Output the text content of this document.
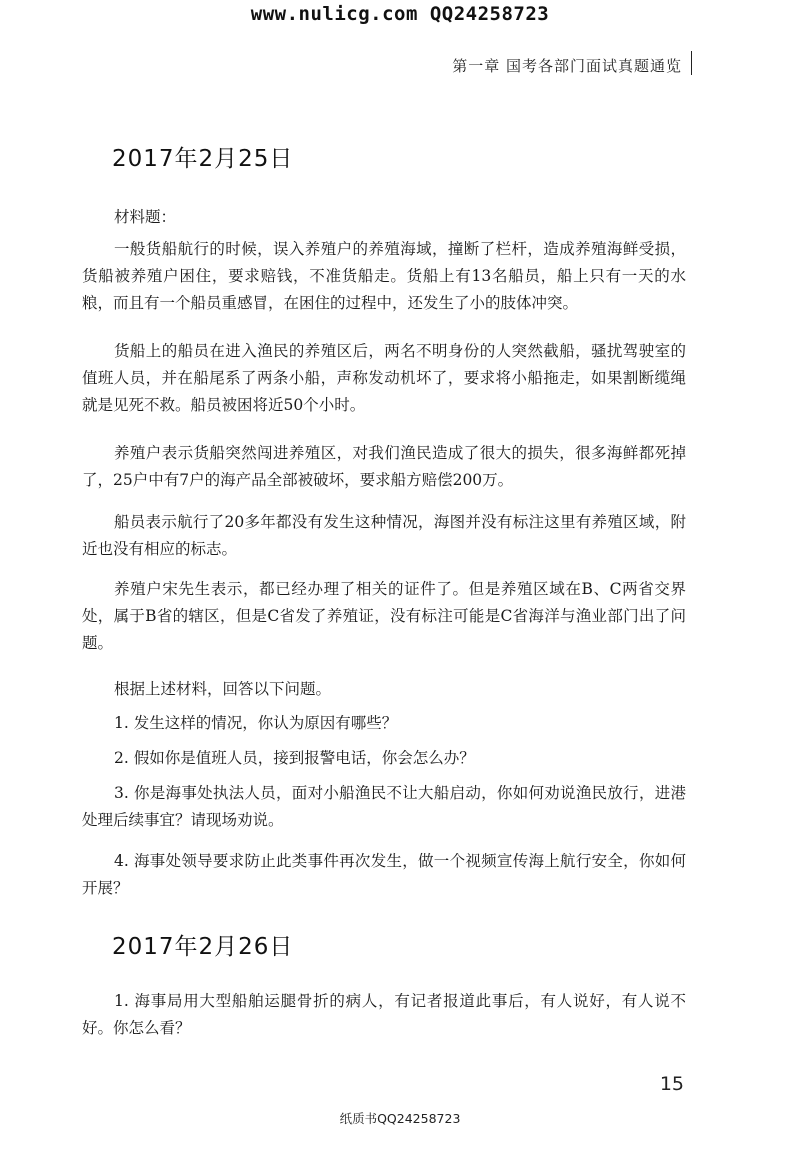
www.nulicg.com QQ24258723
第一章 国考各部门面试真题通览
2017年2月25日

材料题：

一般货船航行的时候，误入养殖户的养殖海域，撞断了栏杆，造成养殖海鲜受损，货船被养殖户困住，要求赔钱，不准货船走。货船上有13名船员，船上只有一天的水粮，而且有一个船员重感冒，在困住的过程中，还发生了小的肢体冲突。

货船上的船员在进入渔民的养殖区后，两名不明身份的人突然截船，骚扰驾驶室的值班人员，并在船尾系了两条小船，声称发动机坏了，要求将小船拖走，如果割断缆绳就是见死不救。船员被困将近50个小时。

养殖户表示货船突然闯进养殖区，对我们渔民造成了很大的损失，很多海鲜都死掉了，25户中有7户的海产品全部被破坏，要求船方赔偿200万。

船员表示航行了20多年都没有发生这种情况，海图并没有标注这里有养殖区域，附近也没有相应的标志。

养殖户宋先生表示，都已经办理了相关的证件了。但是养殖区域在B、C两省交界处，属于B省的辖区，但是C省发了养殖证，没有标注可能是C省海洋与渔业部门出了问题。

根据上述材料，回答以下问题。

1. 发生这样的情况，你认为原因有哪些？

2. 假如你是值班人员，接到报警电话，你会怎么办？

3. 你是海事处执法人员，面对小船渔民不让大船启动，你如何劝说渔民放行，进港处理后续事宜？请现场劝说。

4. 海事处领导要求防止此类事件再次发生，做一个视频宣传海上航行安全，你如何开展？

2017年2月26日

1. 海事局用大型船舶运腿骨折的病人，有记者报道此事后，有人说好，有人说不好。你怎么看？

15
纸质书QQ24258723
